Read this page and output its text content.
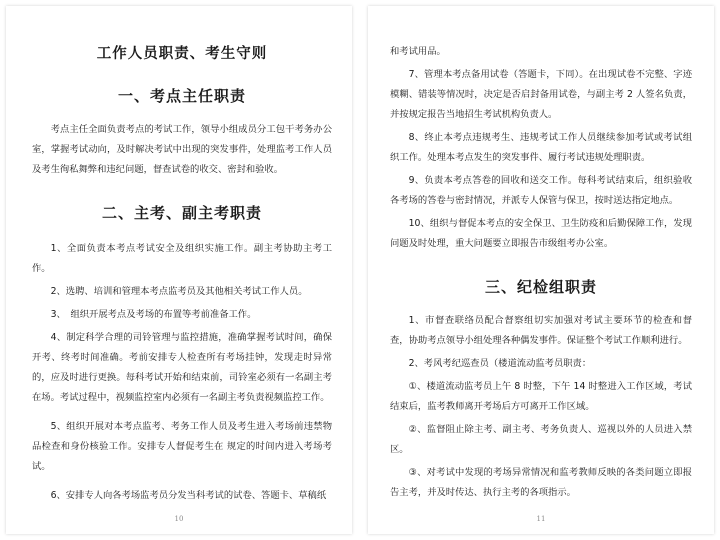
工作人员职责、考生守则
一、考点主任职责

考点主任全面负责考点的考试工作，领导小组成员分工包干考务办公室，掌握考试动向，及时解决考试中出现的突发事件，处理监考工作人员及考生徇私舞弊和违纪问题，督查试卷的收交、密封和验收。

二、主考、副主考职责

1、全面负责本考点考试安全及组织实施工作。副主考协助主考工作。

2、选聘、培训和管理本考点监考员及其他相关考试工作人员。

3、　组织开展考点及考场的布置等考前准备工作。

4、制定科学合理的司铃管理与监控措施，准确掌握考试时间，确保开考、终考时间准确。考前安排专人检查所有考场挂钟，发现走时异常的，应及时进行更换。每科考试开始和结束前，司铃室必须有一名副主考在场。考试过程中，视频监控室内必须有一名副主考负责视频监控工作。

5、组织开展对本考点监考、考务工作人员及考生进入考场前违禁物品检查和身份核验工作。安排专人督促考生在 规定的时间内进入考场考试。

6、安排专人向各考场监考员分发当科考试的试卷、答题卡、草稿纸

10

和考试用品。

7、管理本考点备用试卷（答题卡，下同）。在出现试卷不完整、字迹模糊、错装等情况时，决定是否启封备用试卷，与副主考 2 人签名负责，并按规定报告当地招生考试机构负责人。

8、终止本考点违规考生、违规考试工作人员继续参加考试或考试组织工作。处理本考点发生的突发事件、履行考试违规处理职责。

9、负责本考点答卷的回收和送交工作。每科考试结束后，组织验收各考场的答卷与密封情况，并派专人保管与保卫，按时送达指定地点。

10、组织与督促本考点的安全保卫、卫生防疫和后勤保障工作，发现问题及时处理，重大问题要立即报告市级组考办公室。

三、纪检组职责

1、市督查联络员配合督察组切实加强对考试主要环节的检查和督查，协助考点领导小组处理各种偶发事件。保证整个考试工作顺利进行。

2、考风考纪巡查员（楼道流动监考员职责：

①、楼道流动监考员上午 8 时整，下午 14 时整进入工作区域，考试结束后，监考教师离开考场后方可离开工作区域。

②、监督阻止除主考、副主考、考务负责人、巡视以外的人员进入禁区。

③、对考试中发现的考场异常情况和监考教师反映的各类问题立即报告主考，并及时传达、执行主考的各项指示。

11
